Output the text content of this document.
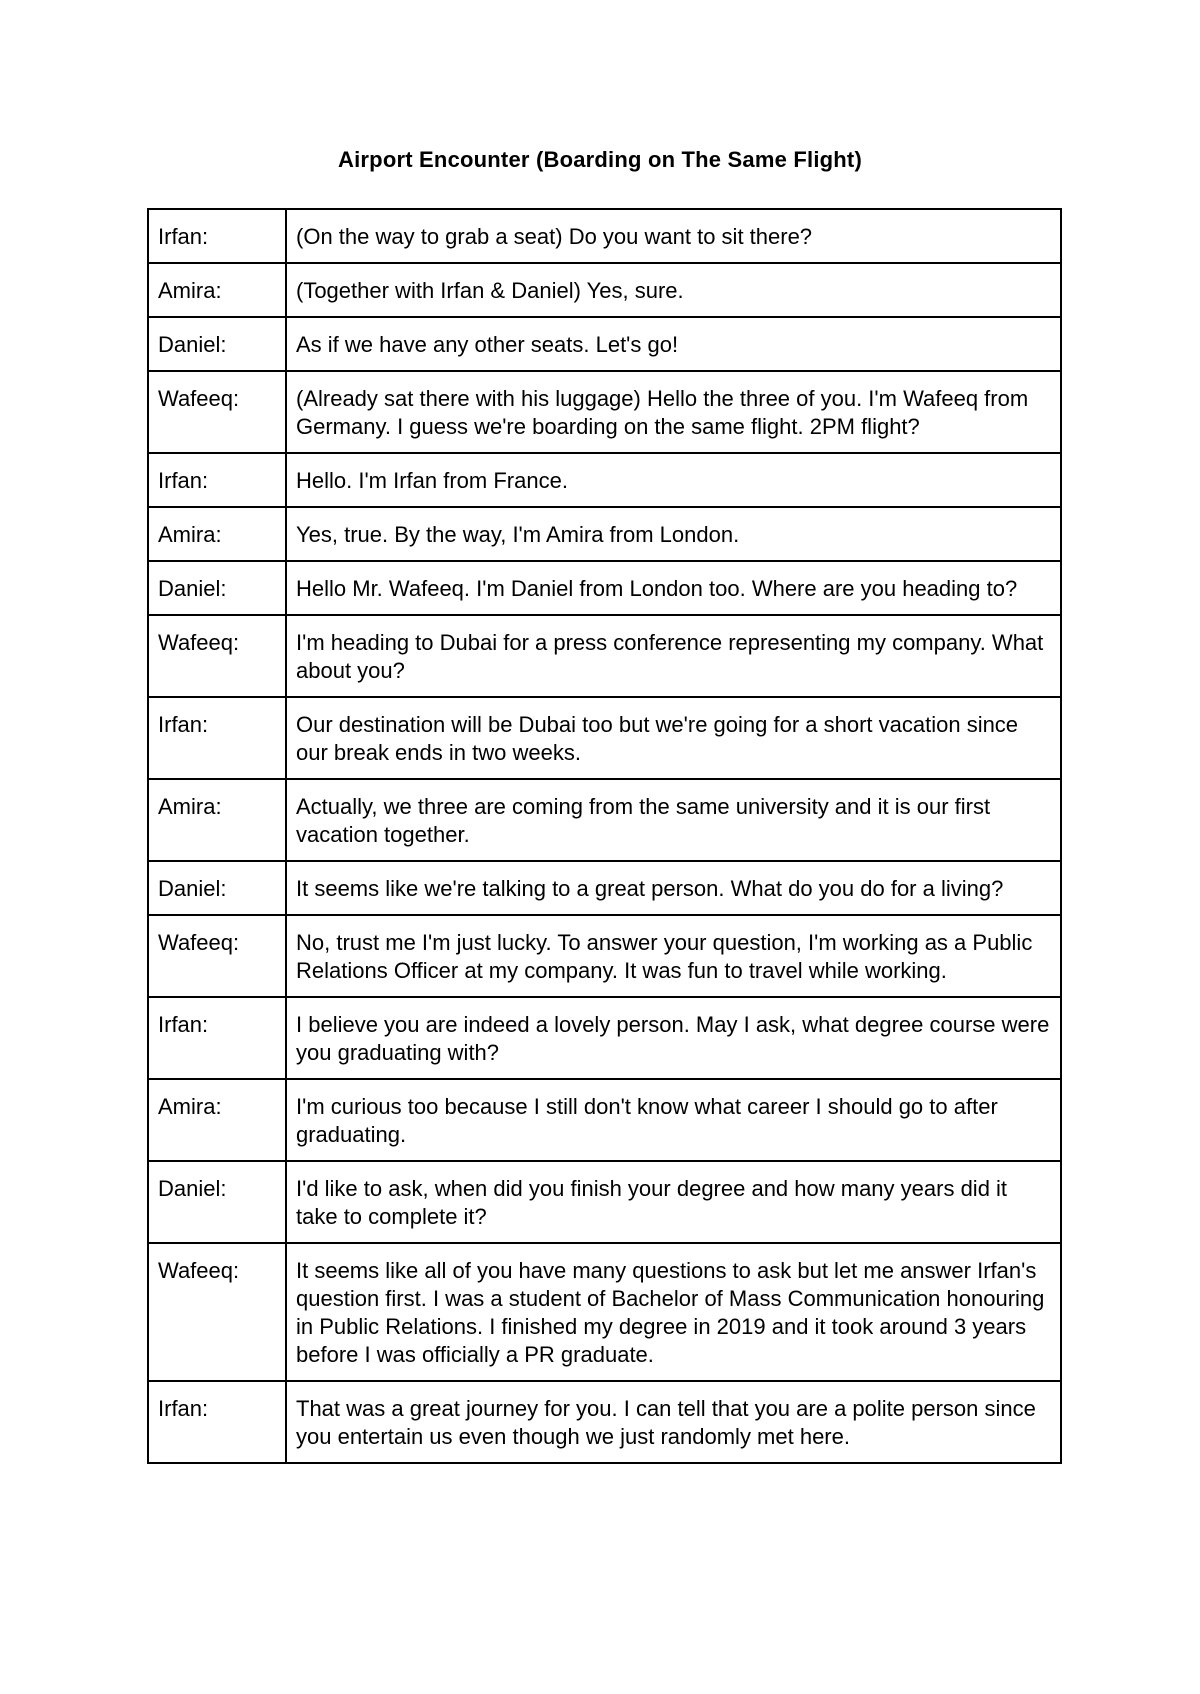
Airport Encounter (Boarding on The Same Flight)
Irfan:	(On the way to grab a seat) Do you want to sit there?
Amira:	(Together with Irfan & Daniel) Yes, sure.
Daniel:	As if we have any other seats. Let's go!
Wafeeq:	(Already sat there with his luggage) Hello the three of you. I'm Wafeeq from Germany. I guess we're boarding on the same flight. 2PM flight?
Irfan:	Hello. I'm Irfan from France.
Amira:	Yes, true. By the way, I'm Amira from London.
Daniel:	Hello Mr. Wafeeq. I'm Daniel from London too. Where are you heading to?
Wafeeq:	I'm heading to Dubai for a press conference representing my company. What about you?
Irfan:	Our destination will be Dubai too but we're going for a short vacation since our break ends in two weeks.
Amira:	Actually, we three are coming from the same university and it is our first vacation together.
Daniel:	It seems like we're talking to a great person. What do you do for a living?
Wafeeq:	No, trust me I'm just lucky. To answer your question, I'm working as a Public Relations Officer at my company. It was fun to travel while working.
Irfan:	I believe you are indeed a lovely person. May I ask, what degree course were you graduating with?
Amira:	I'm curious too because I still don't know what career I should go to after graduating.
Daniel:	I'd like to ask, when did you finish your degree and how many years did it take to complete it?
Wafeeq:	It seems like all of you have many questions to ask but let me answer Irfan's question first. I was a student of Bachelor of Mass Communication honouring in Public Relations. I finished my degree in 2019 and it took around 3 years before I was officially a PR graduate.
Irfan:	That was a great journey for you. I can tell that you are a polite person since you entertain us even though we just randomly met here.
